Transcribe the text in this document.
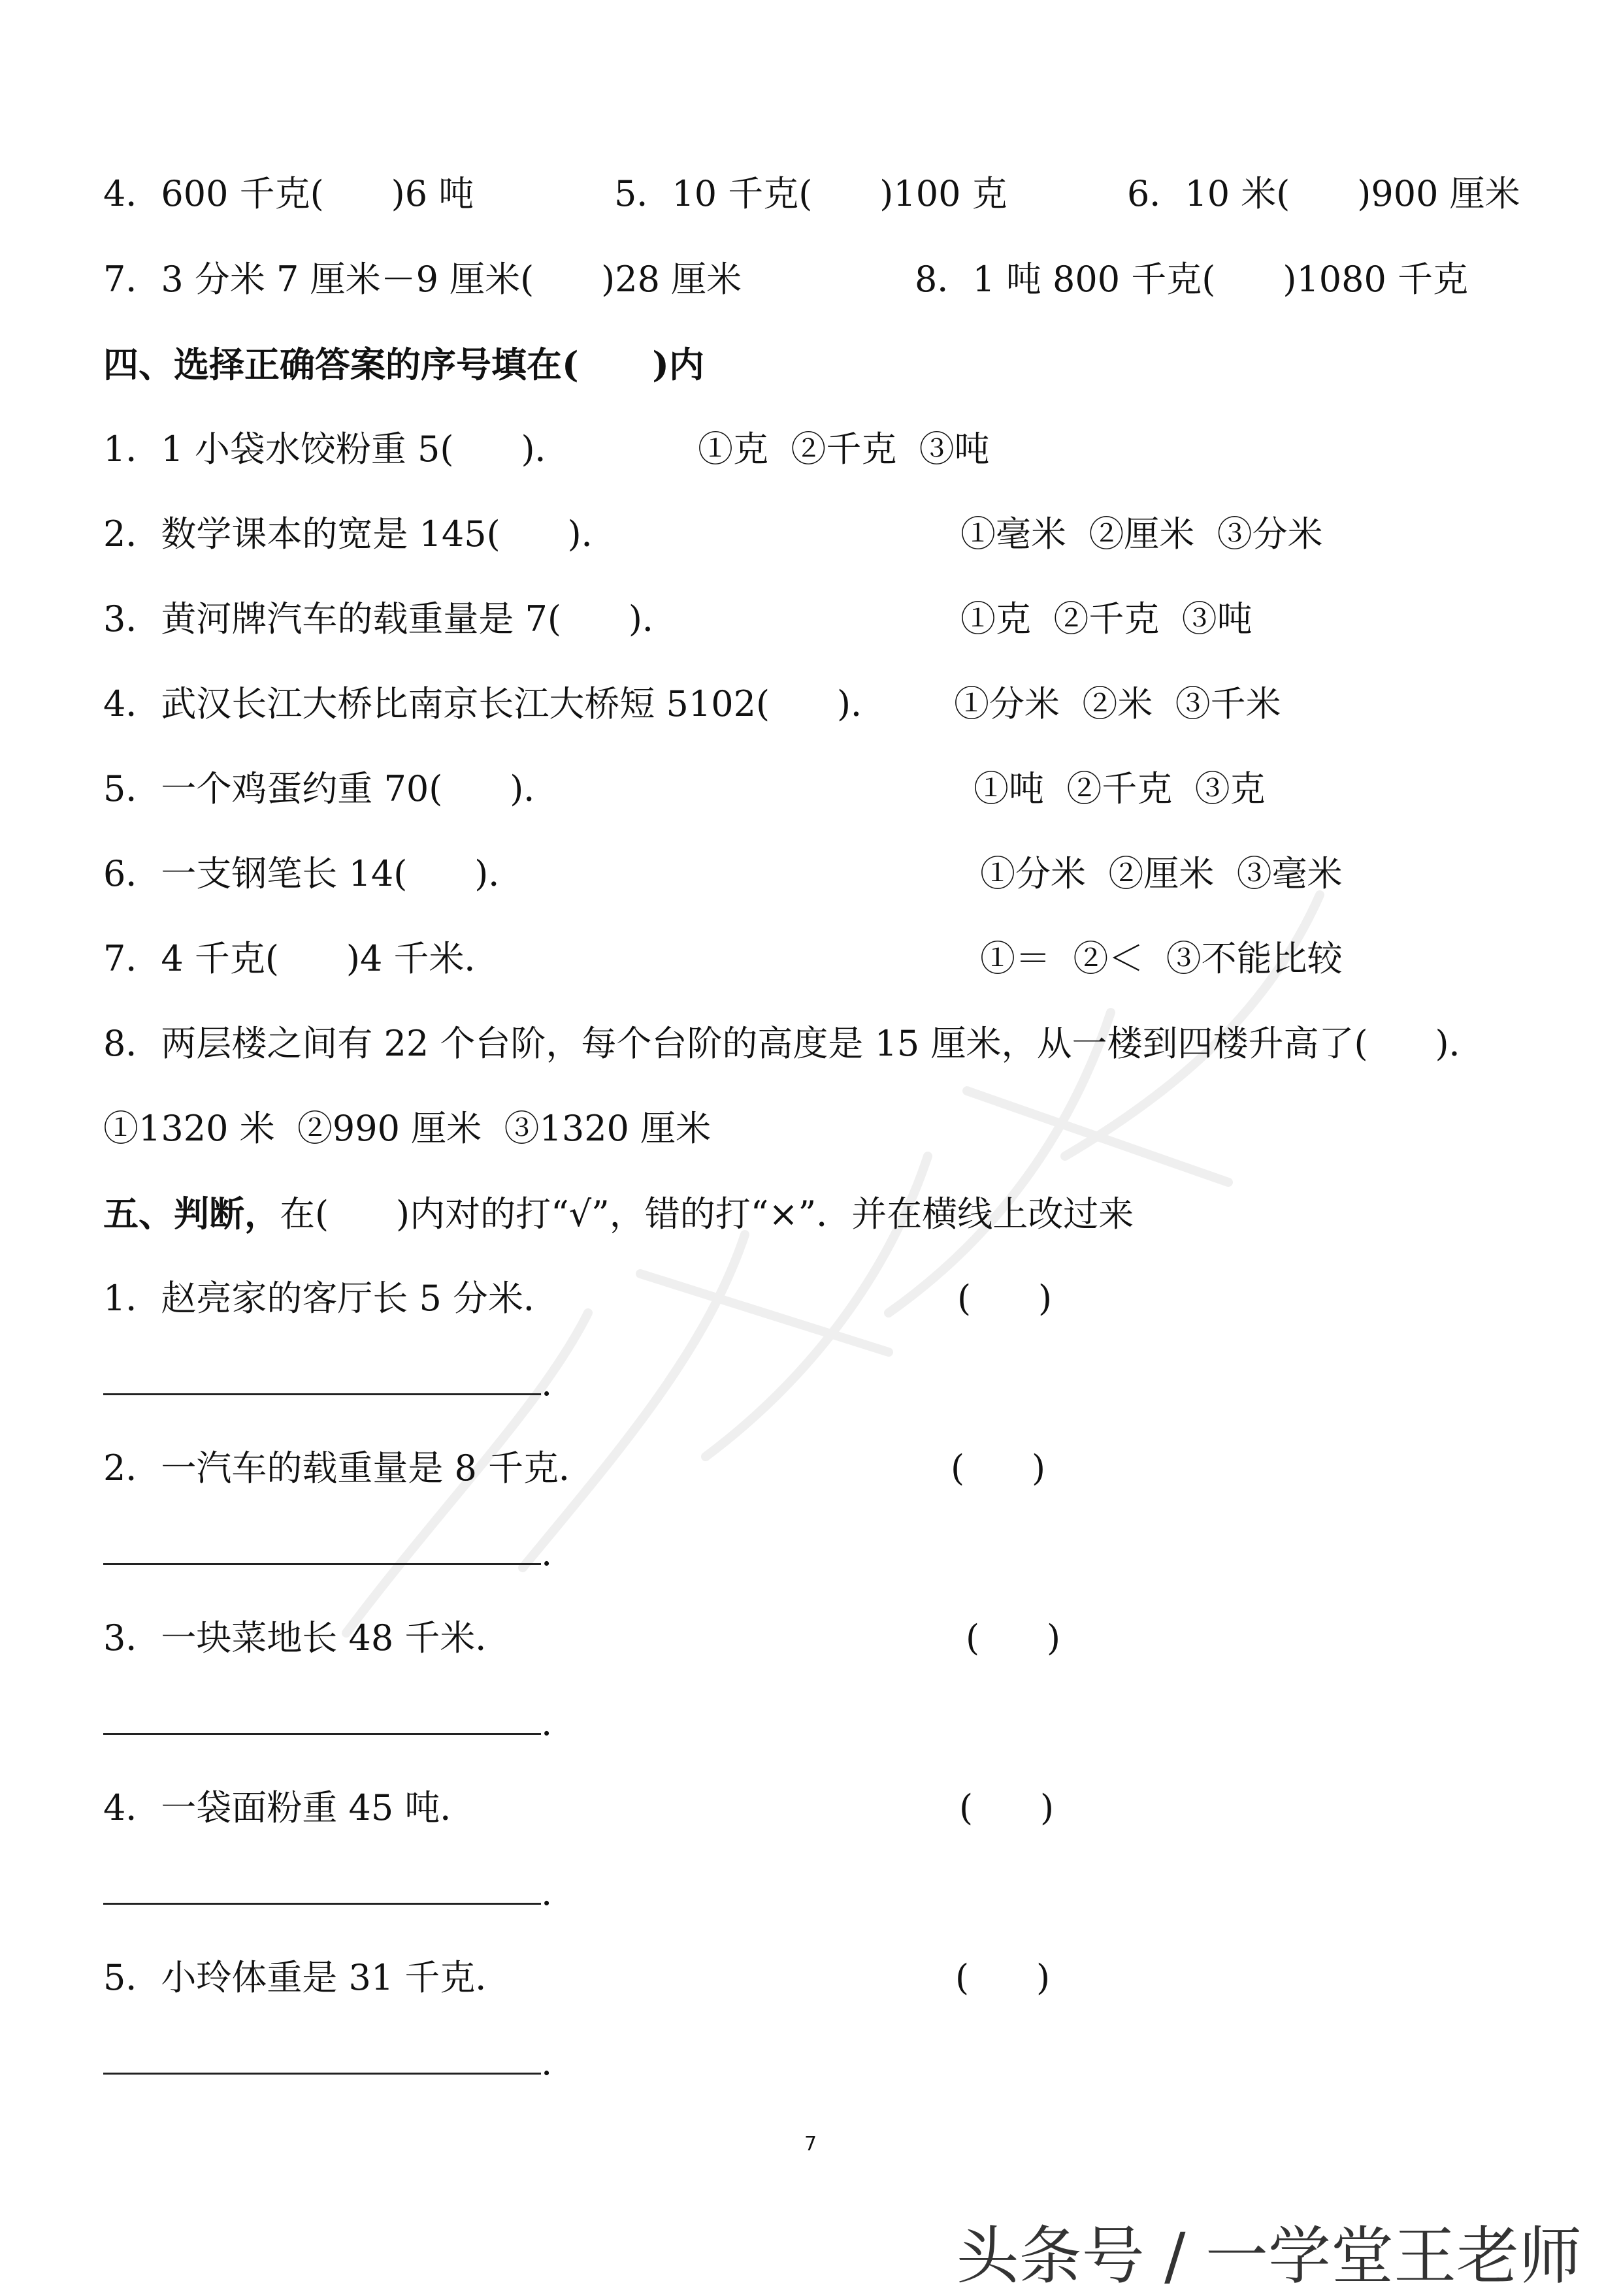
4．600 千克(      )6 吨	5．10 千克(      )100 克	6．10 米(      )900 厘米
7．3 分米 7 厘米－9 厘米(      )28 厘米	8．1 吨 800 千克(      )1080 千克
四、选择正确答案的序号填在(      )内
1．1 小袋水饺粉重 5(      )．	①克  ②千克  ③吨
2．数学课本的宽是 145(      )．	①毫米  ②厘米  ③分米
3．黄河牌汽车的载重量是 7(      )．	①克  ②千克  ③吨
4．武汉长江大桥比南京长江大桥短 5102(      )． ①分米  ②米  ③千米
5．一个鸡蛋约重 70(      )．	①吨  ②千克  ③克
6．一支钢笔长 14(      )．	①分米  ②厘米  ③毫米
7．4 千克(      )4 千米．	①＝  ②＜  ③不能比较
8．两层楼之间有 22 个台阶，每个台阶的高度是 15 厘米，从一楼到四楼升高了(      )．
①1320 米  ②990 厘米  ③1320 厘米
五、判断，在(      )内对的打“√”，错的打“×”．并在横线上改过来
1．赵亮家的客厅长 5 分米．	(      )
.
2．一汽车的载重量是 8 千克．	(      )
.
3．一块菜地长 48 千米．	(      )
.
4．一袋面粉重 45 吨．	(      )
.
5．小玲体重是 31 千克．	(      )
.
7
头条号 / 一学堂王老师
